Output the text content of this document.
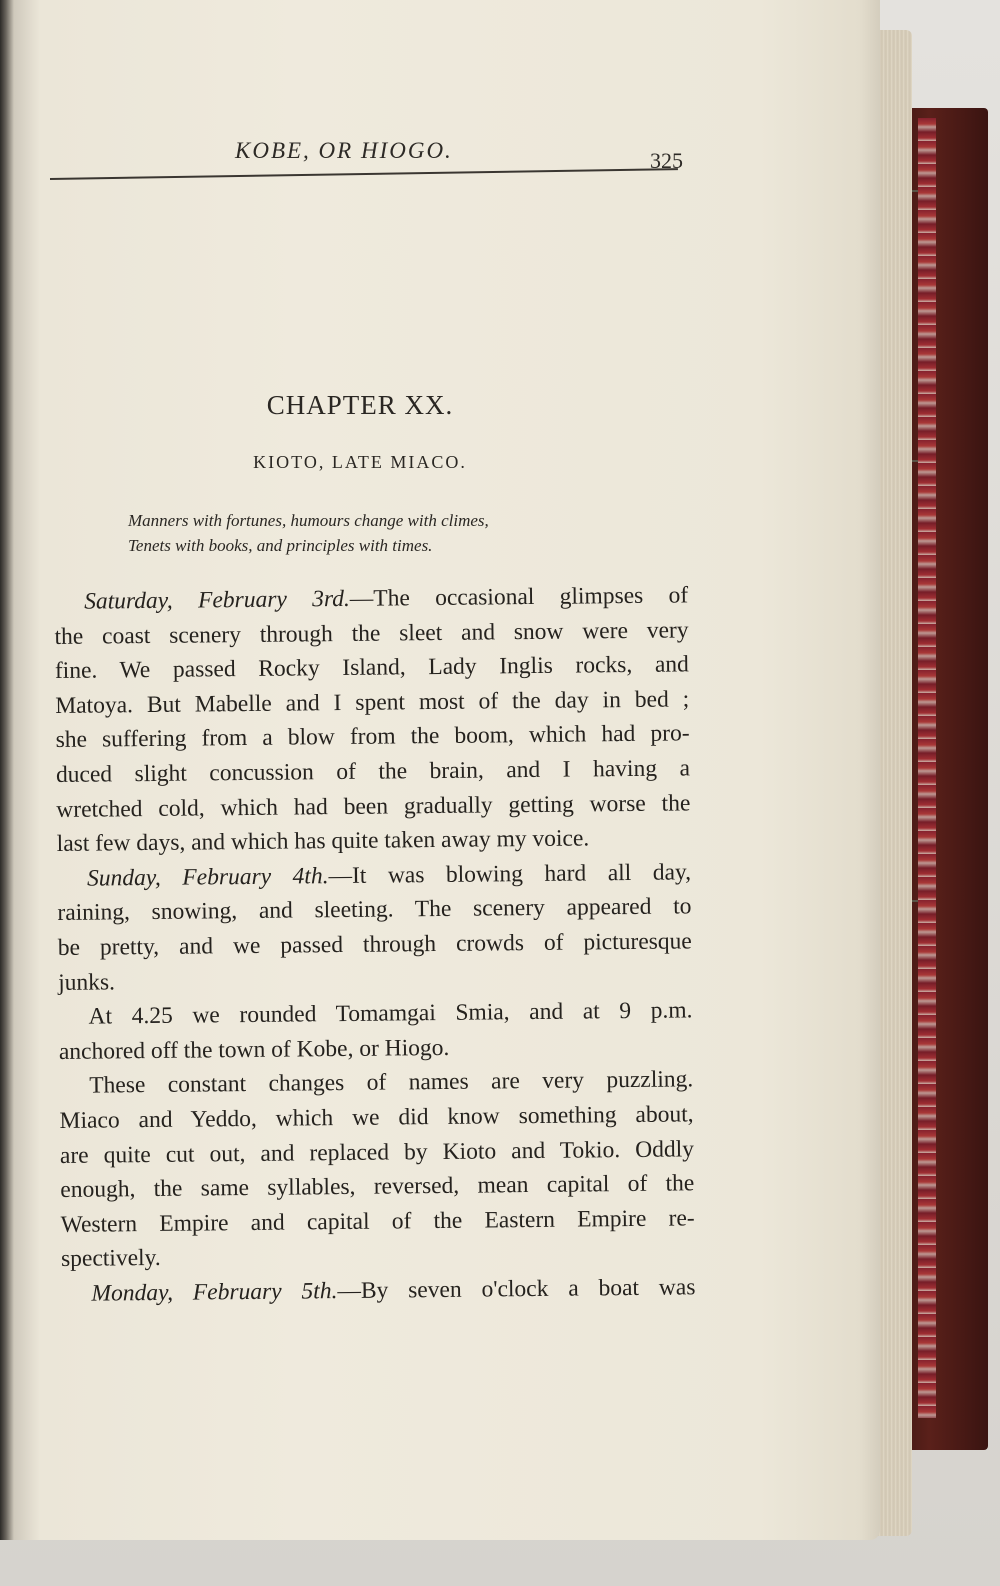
KOBE, OR HIOGO.	325
CHAPTER XX.
KIOTO, LATE MIACO.
Manners with fortunes, humours change with climes,
Tenets with books, and principles with times.
Saturday, February 3rd.—The occasional glimpses of
the coast scenery through the sleet and snow were very
fine. We passed Rocky Island, Lady Inglis rocks, and
Matoya. But Mabelle and I spent most of the day in bed ;
she suffering from a blow from the boom, which had pro-
duced slight concussion of the brain, and I having a
wretched cold, which had been gradually getting worse the
last few days, and which has quite taken away my voice.
Sunday, February 4th.—It was blowing hard all day,
raining, snowing, and sleeting. The scenery appeared to
be pretty, and we passed through crowds of picturesque
junks.
At 4.25 we rounded Tomamgai Smia, and at 9 p.m.
anchored off the town of Kobe, or Hiogo.
These constant changes of names are very puzzling.
Miaco and Yeddo, which we did know something about,
are quite cut out, and replaced by Kioto and Tokio. Oddly
enough, the same syllables, reversed, mean capital of the
Western Empire and capital of the Eastern Empire re-
spectively.
Monday, February 5th.—By seven o'clock a boat was
